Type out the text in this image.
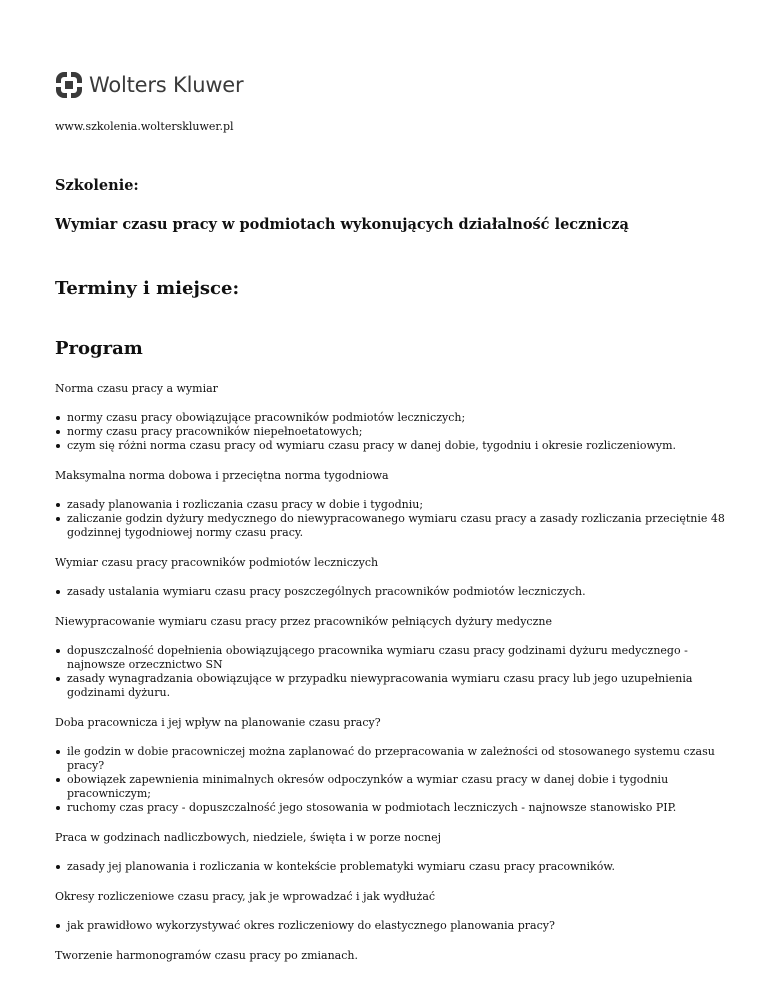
Wolters Kluwer
www.szkolenia.wolterskluwer.pl
Szkolenie:
Wymiar czasu pracy w podmiotach wykonujących działalność leczniczą
Terminy i miejsce:
Program

Norma czasu pracy a wymiar

normy czasu pracy obowiązujące pracowników podmiotów leczniczych;
normy czasu pracy pracowników niepełnoetatowych;
czym się różni norma czasu pracy od wymiaru czasu pracy w danej dobie, tygodniu i okresie rozliczeniowym.

Maksymalna norma dobowa i przeciętna norma tygodniowa

zasady planowania i rozliczania czasu pracy w dobie i tygodniu;
zaliczanie godzin dyżury medycznego do niewypracowanego wymiaru czasu pracy a zasady rozliczania przeciętnie 48 godzinnej tygodniowej normy czasu pracy.

Wymiar czasu pracy pracowników podmiotów leczniczych

zasady ustalania wymiaru czasu pracy poszczególnych pracowników podmiotów leczniczych.

Niewypracowanie wymiaru czasu pracy przez pracowników pełniących dyżury medyczne

dopuszczalność dopełnienia obowiązującego pracownika wymiaru czasu pracy godzinami dyżuru medycznego - najnowsze orzecznictwo SN
zasady wynagradzania obowiązujące w przypadku niewypracowania wymiaru czasu pracy lub jego uzupełnienia godzinami dyżuru.

Doba pracownicza i jej wpływ na planowanie czasu pracy?

ile godzin w dobie pracowniczej można zaplanować do przepracowania w zależności od stosowanego systemu czasu pracy?
obowiązek zapewnienia minimalnych okresów odpoczynków a wymiar czasu pracy w danej dobie i tygodniu pracowniczym;
ruchomy czas pracy - dopuszczalność jego stosowania w podmiotach leczniczych - najnowsze stanowisko PIP.

Praca w godzinach nadliczbowych, niedziele, święta i w porze nocnej

zasady jej planowania i rozliczania w kontekście problematyki wymiaru czasu pracy pracowników.

Okresy rozliczeniowe czasu pracy, jak je wprowadzać i jak wydłużać

jak prawidłowo wykorzystywać okres rozliczeniowy do elastycznego planowania pracy?

Tworzenie harmonogramów czasu pracy po zmianach.
